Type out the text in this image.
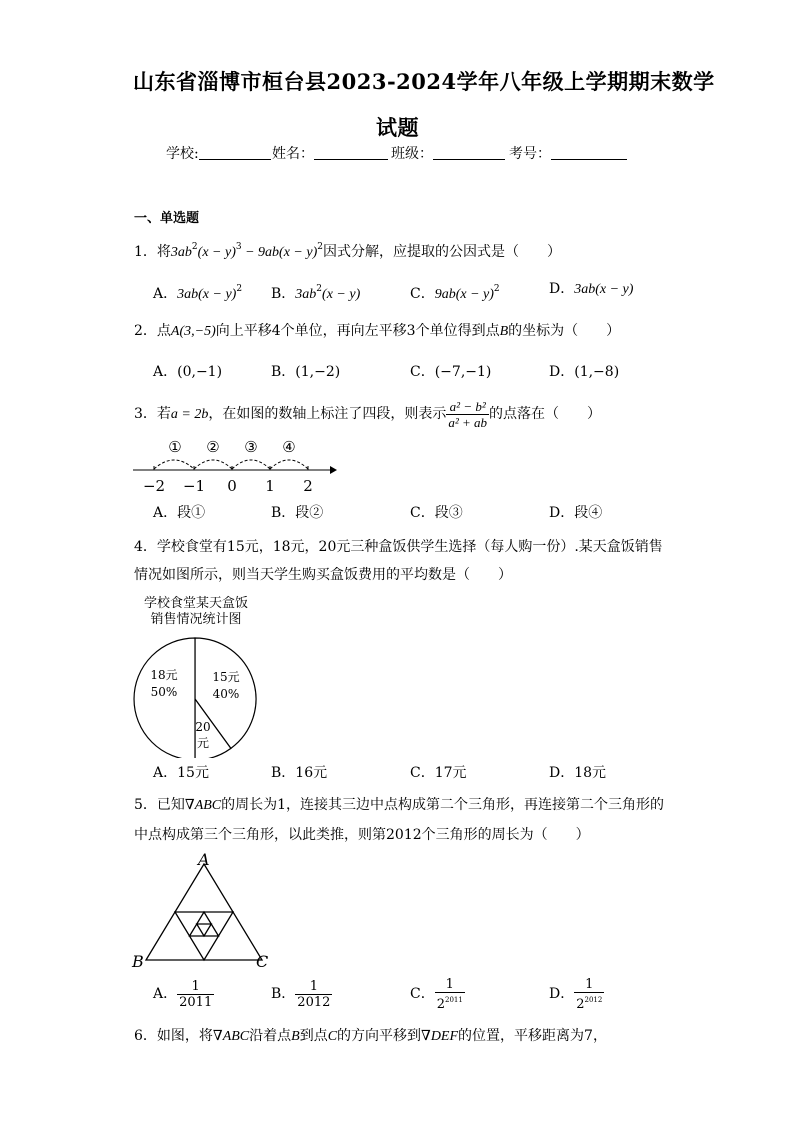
山东省淄博市桓台县2023-2024学年八年级上学期期末数学
试题
学校:	姓名：	班级：	考号：
一、单选题
1．将$3ab^2(x - y)^3 - 9ab(x - y)^2$因式分解，应提取的公因式是（　　）
A．$3ab(x - y)^2$ B．$3ab^2(x - y)$	C．$9ab(x - y)^2$	D．3ab(x − y)
2．点A(3,−5)向上平移4个单位，再向左平移3个单位得到点B的坐标为（　　）
A．(0,−1)	B．(1,−2)	C．(−7,−1)	D．(1,−8)
3．若a = 2b，在如图的数轴上标注了四段，则表示 $\frac{\text{a² − b²}}{\text{a² + ab}}$ 的点落在（　　）
① ② ③ ④
−2 −1 0 1 2
A．段①	B．段②	C．段③	D．段④
4．学校食堂有15元，18元，20元三种盒饭供学生选择（每人购一份）.某天盒饭销售
情况如图所示，则当天学生购买盒饭费用的平均数是（　　）
学校食堂某天盒饭
销售情况统计图
18元
50%
15元
40%
20
元
A．15元	B．16元	C．17元	D．18元
5．已知∇ABC的周长为1，连接其三边中点构成第二个三角形，再连接第二个三角形的
中点构成第三个三角形，以此类推，则第2012个三角形的周长为（　　）
A
B	C
A． $\frac{1}{2011}$	B． $\frac{1}{2012}$	C． $\frac{1}{2^{2011}}$	D． $\frac{1}{2^{2012}}$
6．如图，将∇ABC沿着点B到点C的方向平移到∇DEF的位置，平移距离为7，
